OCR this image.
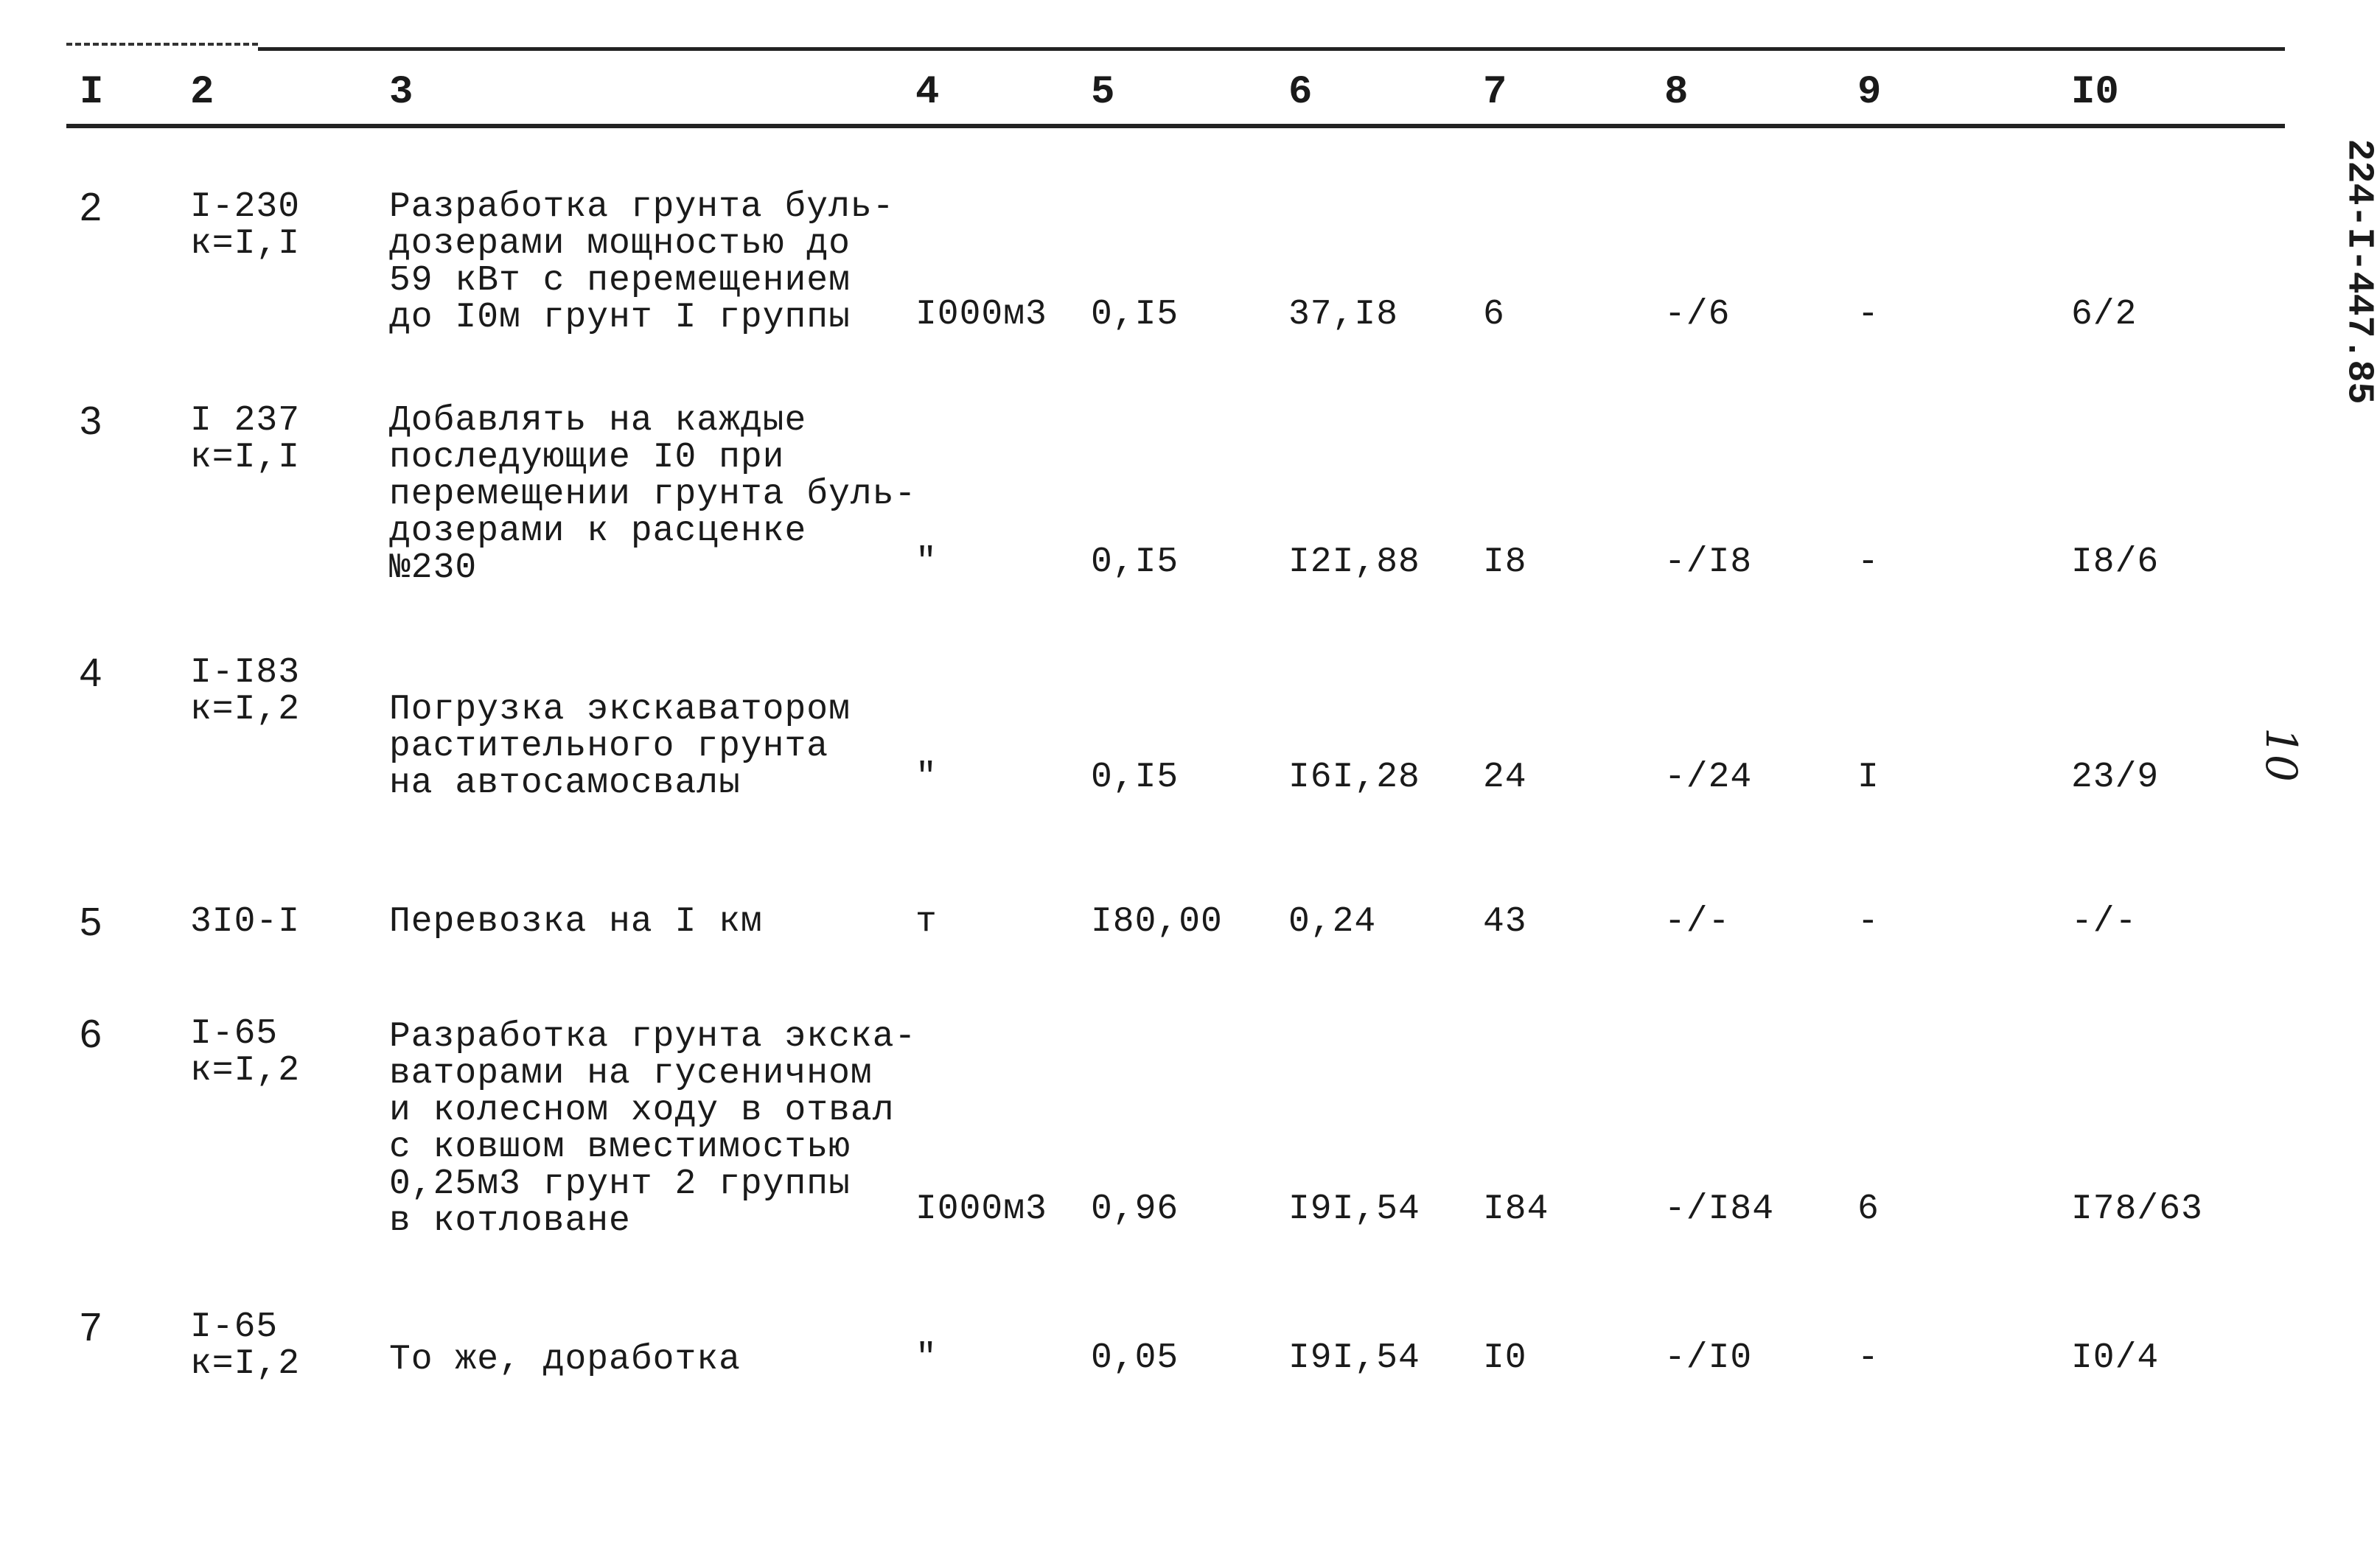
I 2	3	4	5	6	7	8	9	I0
2 I-230
к=I,I
Разработка грунта буль-
дозерами мощностью до
59 кВт с перемещением
до I0м грунт I группы	I000м3 0,I5	37,I8 6	-/6	-	6/2
3 I 237
к=I,I
Добавлять на каждые
последующие I0 при
перемещении грунта буль-
дозерами к расценке
№230	"	0,I5	I2I,88 I8	-/I8	-	I8/6
4 I-I83
к=I,2	Погрузка экскаватором
растительного грунта
на автосамосвалы	"	0,I5	I6I,28 24	-/24	I	23/9
5 3I0-I	Перевозка на I км	т	I80,00 0,24	43	-/-	-	-/-
6 I-65
к=I,2
Разработка грунта экска-
ваторами на гусеничном
и колесном ходу в отвал
с ковшом вместимостью
0,25м3 грунт 2 группы
в котловане	I000м3 0,96	I9I,54 I84	-/I84 6	I78/63
7 I-65
к=I,2	То же, доработка	"	0,05	I9I,54 I0	-/I0	-	I0/4
224-I-447.85
10
